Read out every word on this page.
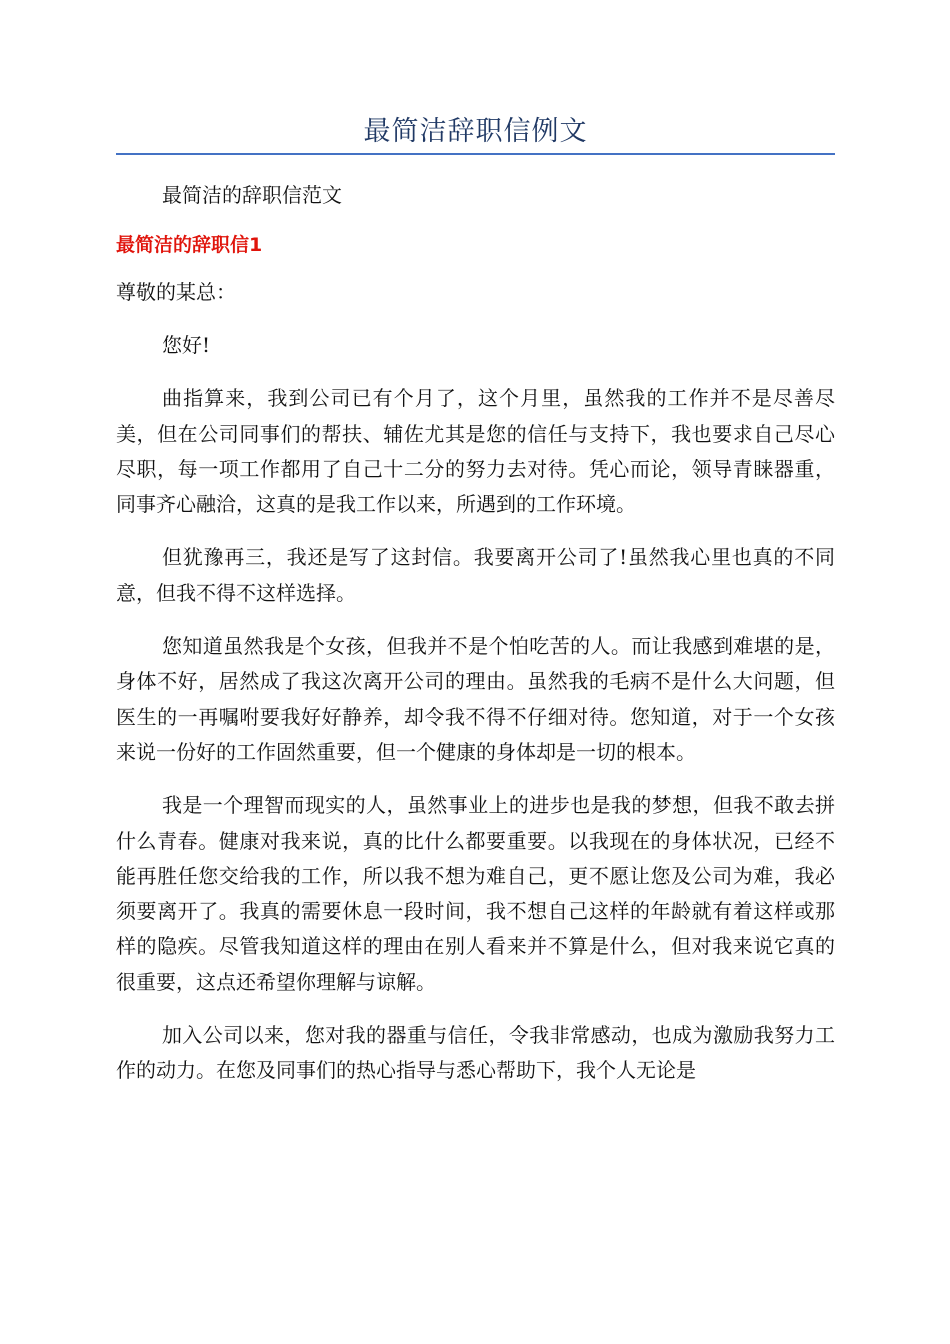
最简洁辞职信例文

最简洁的辞职信范文

最简洁的辞职信1

尊敬的某总：

您好!

曲指算来，我到公司已有个月了，这个月里，虽然我的工作并不是尽善尽美，但在公司同事们的帮扶、辅佐尤其是您的信任与支持下，我也要求自己尽心尽职，每一项工作都用了自己十二分的努力去对待。凭心而论，领导青睐器重，同事齐心融洽，这真的是我工作以来，所遇到的工作环境。

但犹豫再三，我还是写了这封信。我要离开公司了!虽然我心里也真的不同意，但我不得不这样选择。

您知道虽然我是个女孩，但我并不是个怕吃苦的人。而让我感到难堪的是，身体不好，居然成了我这次离开公司的理由。虽然我的毛病不是什么大问题，但医生的一再嘱咐要我好好静养，却令我不得不仔细对待。您知道，对于一个女孩来说一份好的工作固然重要，但一个健康的身体却是一切的根本。

我是一个理智而现实的人，虽然事业上的进步也是我的梦想，但我不敢去拼什么青春。健康对我来说，真的比什么都要重要。以我现在的身体状况，已经不能再胜任您交给我的工作，所以我不想为难自己，更不愿让您及公司为难，我必须要离开了。我真的需要休息一段时间，我不想自己这样的年龄就有着这样或那样的隐疾。尽管我知道这样的理由在别人看来并不算是什么，但对我来说它真的很重要，这点还希望你理解与谅解。

加入公司以来，您对我的器重与信任，令我非常感动，也成为激励我努力工作的动力。在您及同事们的热心指导与悉心帮助下，我个人无论是
